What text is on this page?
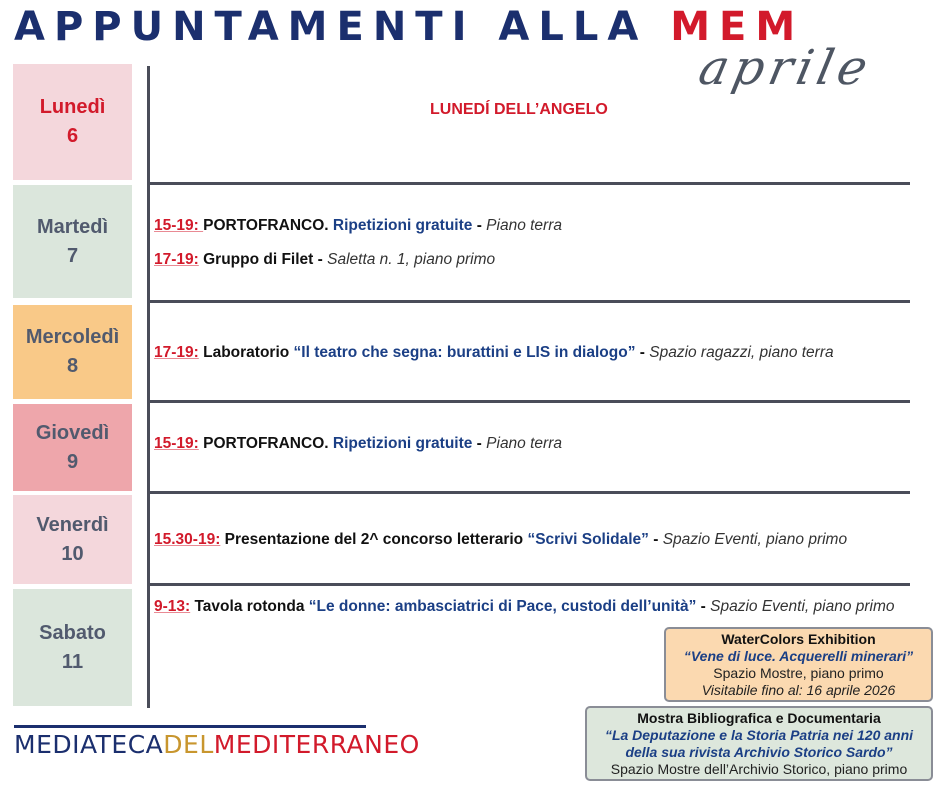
APPUNTAMENTI ALLA MEM
aprile
Lunedì
6
Martedì
7
Mercoledì
8
Giovedì
9
Venerdì
10
Sabato
11
LUNEDÍ DELL’ANGELO
15-19: PORTOFRANCO. Ripetizioni gratuite - Piano terra
17-19: Gruppo di Filet - Saletta n. 1, piano primo
17-19: Laboratorio “Il teatro che segna: burattini e LIS in dialogo” - Spazio ragazzi, piano terra
15-19: PORTOFRANCO. Ripetizioni gratuite - Piano terra
15.30-19: Presentazione del 2^ concorso letterario “Scrivi Solidale” - Spazio Eventi, piano primo
9-13: Tavola rotonda “Le donne: ambasciatrici di Pace, custodi dell’unità” - Spazio Eventi, piano primo
WaterColors Exhibition
“Vene di luce. Acquerelli minerari”
Spazio Mostre, piano primo
Visitabile fino al: 16 aprile 2026
Mostra Bibliografica e Documentaria
“La Deputazione e la Storia Patria nei 120 anni
della sua rivista Archivio Storico Sardo”
Spazio Mostre dell’Archivio Storico, piano primo
MEDIATECADELMEDITERRANEO
